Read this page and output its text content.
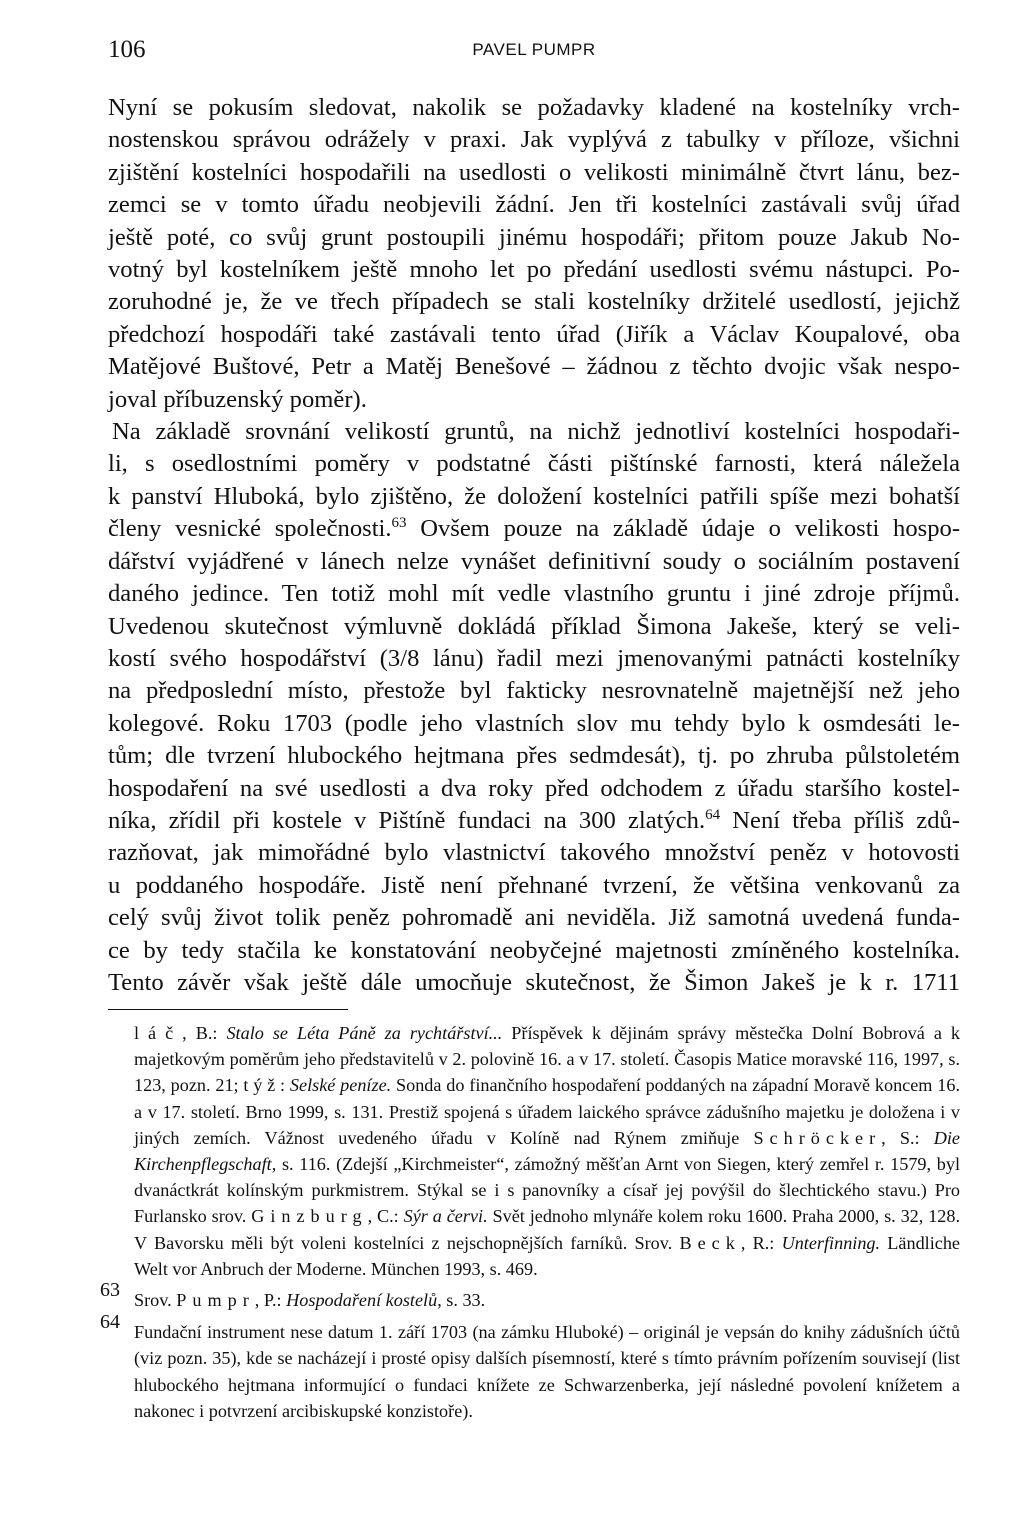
106	PAVEL PUMPR

Nyní se pokusím sledovat, nakolik se požadavky kladené na kostelníky vrch-
nostenskou správou odrážely v praxi. Jak vyplývá z tabulky v příloze, všichni
zjištění kostelníci hospodařili na usedlosti o velikosti minimálně čtvrt lánu, bez-
zemci se v tomto úřadu neobjevili žádní. Jen tři kostelníci zastávali svůj úřad
ještě poté, co svůj grunt postoupili jinému hospodáři; přitom pouze Jakub No-
votný byl kostelníkem ještě mnoho let po předání usedlosti svému nástupci. Po-
zoruhodné je, že ve třech případech se stali kostelníky držitelé usedlostí, jejichž
předchozí hospodáři také zastávali tento úřad (Jiřík a Václav Koupalové, oba
Matějové Buštové, Petr a Matěj Benešové – žádnou z těchto dvojic však nespo-
joval příbuzenský poměr).

Na základě srovnání velikostí gruntů, na nichž jednotliví kostelníci hospodaři-
li, s osedlostními poměry v podstatné části pištínské farnosti, která náležela
k panství Hluboká, bylo zjištěno, že doložení kostelníci patřili spíše mezi bohatší
členy vesnické společnosti.$^{63}$ Ovšem pouze na základě údaje o velikosti hospo-
dářství vyjádřené v lánech nelze vynášet definitivní soudy o sociálním postavení
daného jedince. Ten totiž mohl mít vedle vlastního gruntu i jiné zdroje příjmů.
Uvedenou skutečnost výmluvně dokládá příklad Šimona Jakeše, který se veli-
kostí svého hospodářství (3/8 lánu) řadil mezi jmenovanými patnácti kostelníky
na předposlední místo, přestože byl fakticky nesrovnatelně majetnější než jeho
kolegové. Roku 1703 (podle jeho vlastních slov mu tehdy bylo k osmdesáti le-
tům; dle tvrzení hlubockého hejtmana přes sedmdesát), tj. po zhruba půlstoletém
hospodaření na své usedlosti a dva roky před odchodem z úřadu staršího kostel-
níka, zřídil při kostele v Pištíně fundaci na 300 zlatých.$^{64}$ Není třeba příliš zdů-
razňovat, jak mimořádné bylo vlastnictví takového množství peněz v hotovosti
u poddaného hospodáře. Jistě není přehnané tvrzení, že většina venkovanů za
celý svůj život tolik peněz pohromadě ani neviděla. Již samotná uvedená funda-
ce by tedy stačila ke konstatování neobyčejné majetnosti zmíněného kostelníka.
Tento závěr však ještě dále umocňuje skutečnost, že Šimon Jakeš je k r. 1711

l á č , B.: Stalo se Léta Páně za rychtářství... Příspěvek k dějinám správy městečka Dolní Bobrová a k majetkovým poměrům jeho představitelů v 2. polovině 16. a v 17. století. Časopis Matice moravské 116, 1997, s. 123, pozn. 21; t ý ž : Selské peníze. Sonda do finančního hospodaření poddaných na západní Moravě koncem 16. a v 17. století. Brno 1999, s. 131. Prestiž spojená s úřadem laického správce zádušního majetku je doložena i v jiných zemích. Vážnost uvedeného úřadu v Kolíně nad Rýnem zmiňuje Schröcker, S.: Die Kirchenpflegschaft, s. 116. (Zdejší „Kirchmeister“, zámožný měšťan Arnt von Siegen, který zemřel r. 1579, byl dvanáctkrát kolínským purkmistrem. Stýkal se i s panovníky a císař jej povýšil do šlechtického stavu.) Pro Furlansko srov. Ginzburg, C.: Sýr a červi. Svět jednoho mlynáře kolem roku 1600. Praha 2000, s. 32, 128. V Bavorsku měli být voleni kostelníci z nejschopnějších farníků. Srov. Beck, R.: Unterfinning. Ländliche Welt vor Anbruch der Moderne. München 1993, s. 469.

63 Srov. Pumpr, P.: Hospodaření kostelů, s. 33.

64 Fundační instrument nese datum 1. září 1703 (na zámku Hluboké) – originál je vepsán do knihy zádušních účtů (viz pozn. 35), kde se nacházejí i prosté opisy dalších písemností, které s tímto právním pořízením souvisejí (list hlubockého hejtmana informující o fundaci knížete ze Schwarzenberka, její následné povolení knížetem a nakonec i potvrzení arcibiskupské konzistoře).
